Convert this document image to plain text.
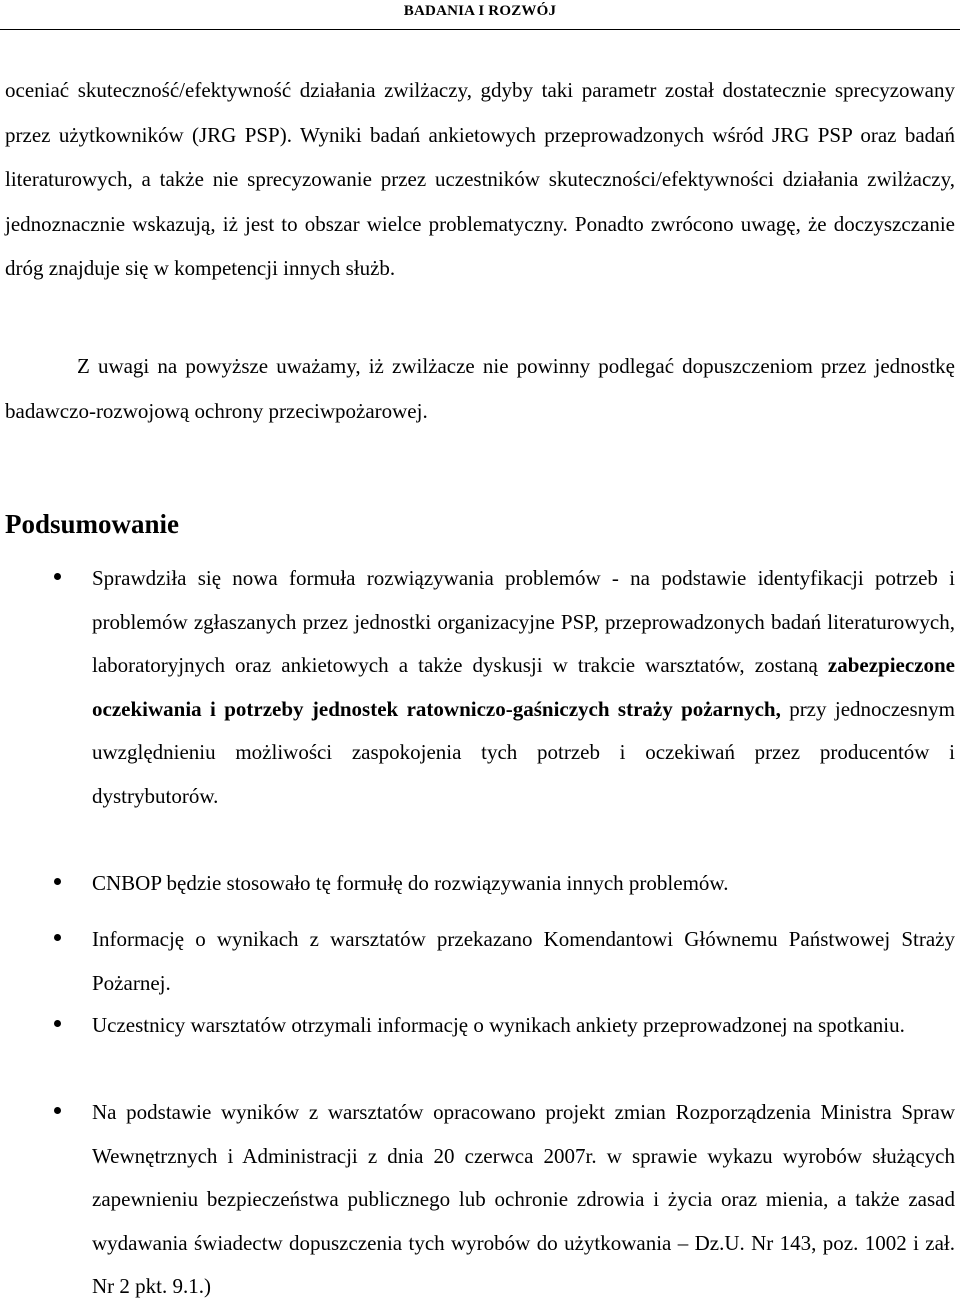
BADANIA I ROZWÓJ

oceniać skuteczność/efektywność działania zwilżaczy, gdyby taki parametr został dostatecznie sprecyzowany przez użytkowników (JRG PSP). Wyniki badań ankietowych przeprowadzonych wśród JRG PSP oraz badań literaturowych, a także nie sprecyzowanie przez uczestników skuteczności/efektywności działania zwilżaczy, jednoznacznie wskazują, iż jest to obszar wielce problematyczny. Ponadto zwrócono uwagę, że doczyszczanie dróg znajduje się w kompetencji innych służb.

Z uwagi na powyższe uważamy, iż zwilżacze nie powinny podlegać dopuszczeniom przez jednostkę badawczo-rozwojową ochrony przeciwpożarowej.

Podsumowanie
Sprawdziła się nowa formuła rozwiązywania problemów - na podstawie identyfikacji potrzeb i problemów zgłaszanych przez jednostki organizacyjne PSP, przeprowadzonych badań literaturowych, laboratoryjnych oraz ankietowych a także dyskusji w trakcie warsztatów, zostaną zabezpieczone oczekiwania i potrzeby jednostek ratowniczo-gaśniczych straży pożarnych, przy jednoczesnym uwzględnieniu możliwości zaspokojenia tych potrzeb i oczekiwań przez producentów i dystrybutorów.
CNBOP będzie stosowało tę formułę do rozwiązywania innych problemów.
Informację o wynikach z warsztatów przekazano Komendantowi Głównemu Państwowej Straży Pożarnej.
Uczestnicy warsztatów otrzymali informację o wynikach ankiety przeprowadzonej na spotkaniu.
Na podstawie wyników z warsztatów opracowano projekt zmian Rozporządzenia Ministra Spraw Wewnętrznych i Administracji z dnia 20 czerwca 2007r. w sprawie wykazu wyrobów służących zapewnieniu bezpieczeństwa publicznego lub ochronie zdrowia i życia oraz mienia, a także zasad wydawania świadectw dopuszczenia tych wyrobów do użytkowania – Dz.U. Nr 143, poz. 1002 i zał. Nr 2 pkt. 9.1.)
